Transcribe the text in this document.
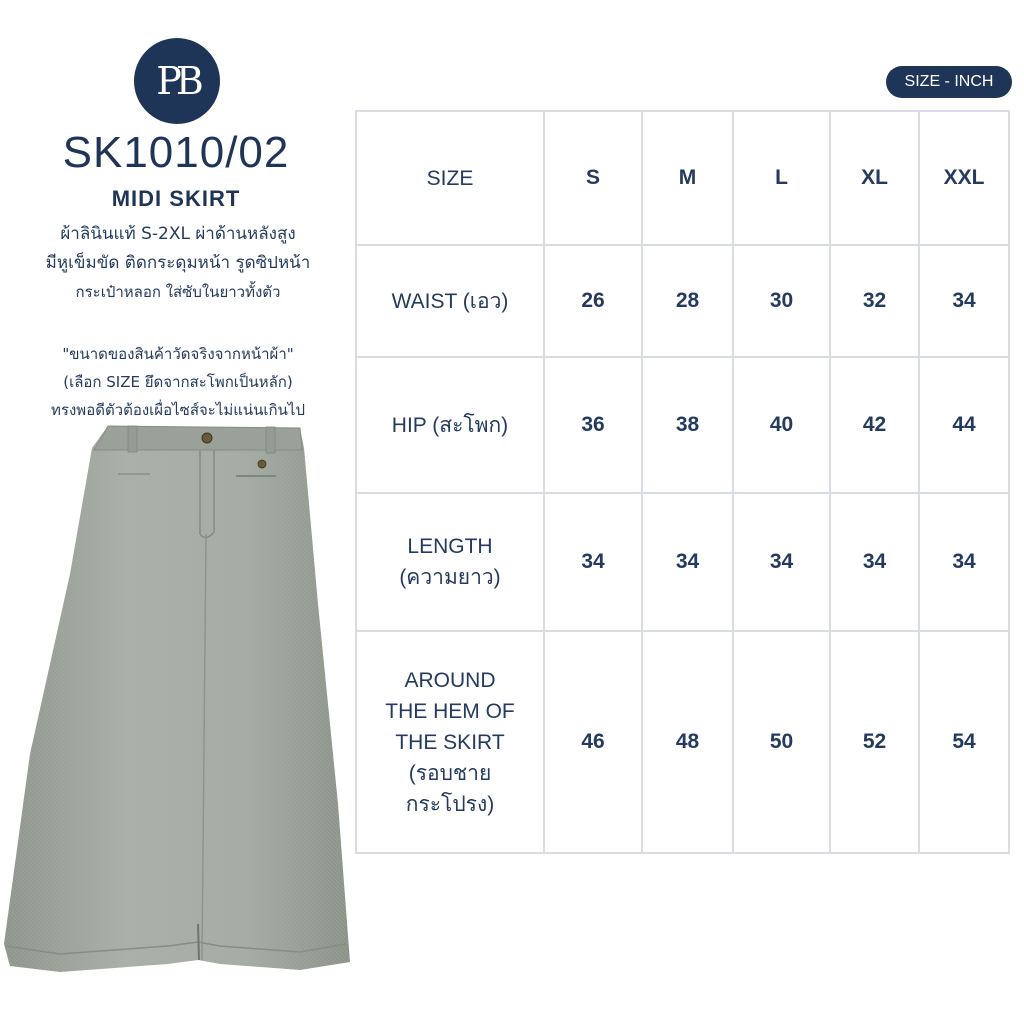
PB
SK1010/02
MIDI SKIRT
ผ้าลินินแท้ S-2XL ผ่าด้านหลังสูง
มีหูเข็มขัด ติดกระดุมหน้า รูดซิปหน้า
กระเป๋าหลอก ใส่ซับในยาวทั้งตัว
"ขนาดของสินค้าวัดจริงจากหน้าผ้า"
(เลือก SIZE ยึดจากสะโพกเป็นหลัก)
ทรงพอดีตัวต้องเผื่อไซส์จะไม่แน่นเกินไป
SIZE - INCH
SIZE	S	M	L	XL	XXL

WAIST (เอว)	26	28	30	32	34

HIP (สะโพก)	36	38	40	42	44

LENGTH
(ความยาว)	34	34	34	34	34

AROUND
THE HEM OF
THE SKIRT
(รอบชาย
กระโปรง)	46	48	50	52	54
